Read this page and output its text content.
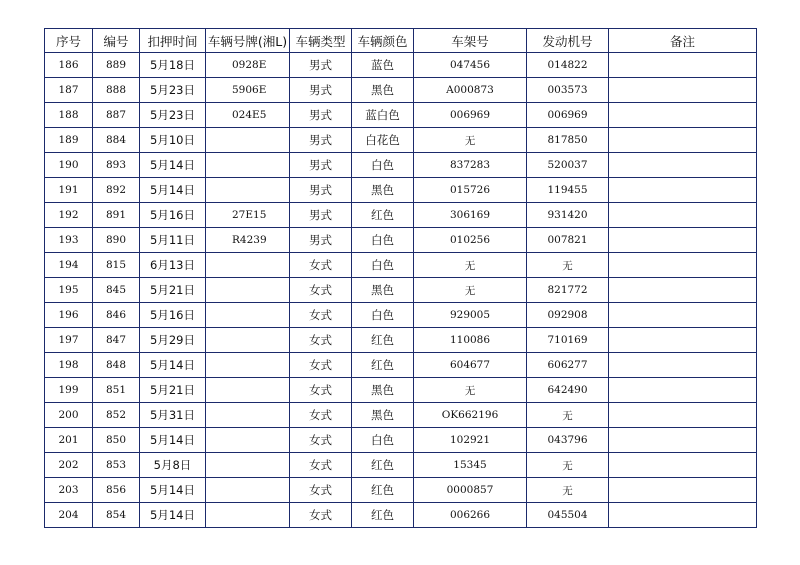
序号	编号	扣押时间	车辆号牌(湘L)	车辆类型	车辆颜色	车架号	发动机号	备注
186	889	5月18日	0928E	男式	蓝色	047456	014822	
187	888	5月23日	5906E	男式	黑色	A000873	003573	
188	887	5月23日	024E5	男式	蓝白色	006969	006969	
189	884	5月10日		男式	白花色	无	817850	
190	893	5月14日		男式	白色	837283	520037	
191	892	5月14日		男式	黑色	015726	119455	
192	891	5月16日	27E15	男式	红色	306169	931420	
193	890	5月11日	R4239	男式	白色	010256	007821	
194	815	6月13日		女式	白色	无	无	
195	845	5月21日		女式	黑色	无	821772	
196	846	5月16日		女式	白色	929005	092908	
197	847	5月29日		女式	红色	110086	710169	
198	848	5月14日		女式	红色	604677	606277	
199	851	5月21日		女式	黑色	无	642490	
200	852	5月31日		女式	黑色	OK662196	无	
201	850	5月14日		女式	白色	102921	043796	
202	853	5月8日		女式	红色	15345	无	
203	856	5月14日		女式	红色	0000857	无	
204	854	5月14日		女式	红色	006266	045504	
